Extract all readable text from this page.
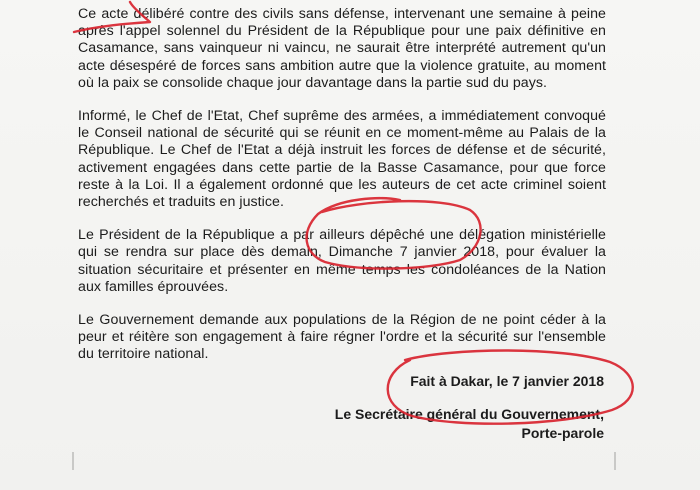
Ce acte délibéré contre des civils sans défense, intervenant une semaine à peine après l'appel solennel du Président de la République pour une paix définitive en Casamance, sans vainqueur ni vaincu, ne saurait être interprété autrement qu'un acte désespéré de forces sans ambition autre que la violence gratuite, au moment où la paix se consolide chaque jour davantage dans la partie sud du pays.

Informé, le Chef de l'Etat, Chef suprême des armées, a immédiatement convoqué le Conseil national de sécurité qui se réunit en ce moment-même au Palais de la République. Le Chef de l'Etat a déjà instruit les forces de défense et de sécurité, activement engagées dans cette partie de la Basse Casamance, pour que force reste à la Loi. Il a également ordonné que les auteurs de cet acte criminel soient recherchés et traduits en justice.

Le Président de la République a par ailleurs dépêché une délégation ministérielle qui se rendra sur place dès demain, Dimanche 7 janvier 2018, pour évaluer la situation sécuritaire et présenter en même temps les condoléances de la Nation aux familles éprouvées.

Le Gouvernement demande aux populations de la Région de ne point céder à la peur et réitère son engagement à faire régner l'ordre et la sécurité sur l'ensemble du territoire national.

Fait à Dakar, le 7 janvier 2018
Le Secrétaire général du Gouvernement,
Porte-parole
